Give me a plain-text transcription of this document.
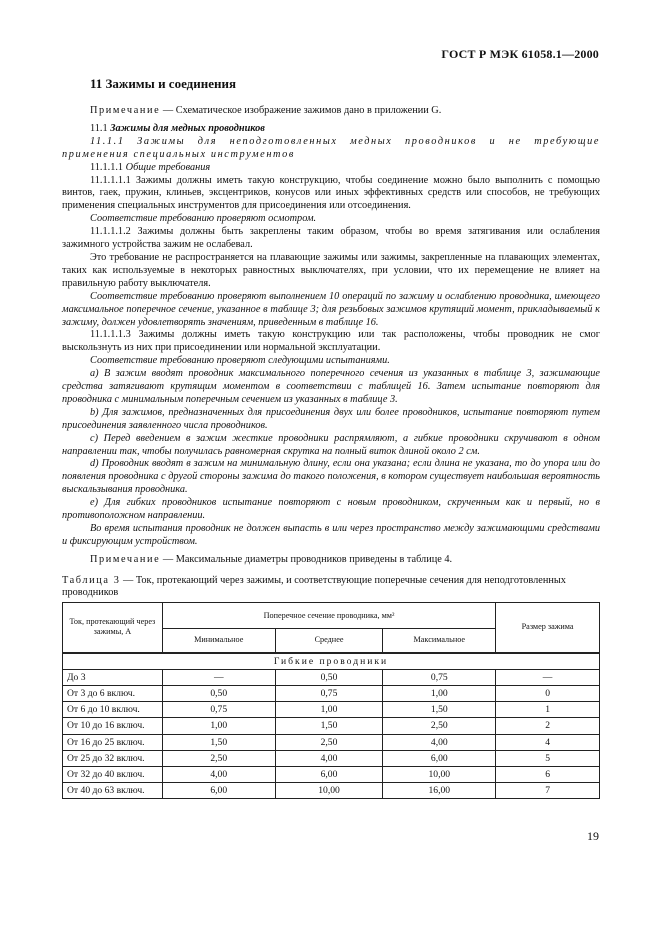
ГОСТ Р МЭК 61058.1—2000
11 Зажимы и соединения

Примечание — Схематическое изображение зажимов дано в приложении G.

11.1 Зажимы для медных проводников

11.1.1 Зажимы для неподготовленных медных проводников и не требующие применения специальных инструментов

11.1.1.1 Общие требования

11.1.1.1.1 Зажимы должны иметь такую конструкцию, чтобы соединение можно было выполнить с помощью винтов, гаек, пружин, клиньев, эксцентриков, конусов или иных эффективных средств или способов, не требующих применения специальных инструментов для присоединения или отсоединения.

Соответствие требованию проверяют осмотром.

11.1.1.1.2 Зажимы должны быть закреплены таким образом, чтобы во время затягивания или ослабления зажимного устройства зажим не ослабевал.

Это требование не распространяется на плавающие зажимы или зажимы, закрепленные на плавающих элементах, таких как используемые в некоторых равностных выключателях, при условии, что их перемещение не влияет на правильную работу выключателя.

Соответствие требованию проверяют выполнением 10 операций по зажиму и ослаблению проводника, имеющего максимальное поперечное сечение, указанное в таблице 3; для резьбовых зажимов крутящий момент, прикладываемый к зажиму, должен удовлетворять значениям, приведенным в таблице 16.

11.1.1.1.3 Зажимы должны иметь такую конструкцию или так расположены, чтобы проводник не смог выскользнуть из них при присоединении или нормальной эксплуатации.

Соответствие требованию проверяют следующими испытаниями.

a) В зажим вводят проводник максимального поперечного сечения из указанных в таблице 3, зажимающие средства затягивают крутящим моментом в соответствии с таблицей 16. Затем испытание повторяют для проводника с минимальным поперечным сечением из указанных в таблице 3.

b) Для зажимов, предназначенных для присоединения двух или более проводников, испытание повторяют путем присоединения заявленного числа проводников.

c) Перед введением в зажим жесткие проводники распрямляют, а гибкие проводники скручивают в одном направлении так, чтобы получилась равномерная скрутка на полный виток длиной около 2 см.

d) Проводник вводят в зажим на минимальную длину, если она указана; если длина не указана, то до упора или до появления проводника с другой стороны зажима до такого положения, в котором существует наибольшая вероятность выскальзывания проводника.

e) Для гибких проводников испытание повторяют с новым проводником, скрученным как и первый, но в противоположном направлении.

Во время испытания проводник не должен выпасть в или через пространство между зажимающими средствами и фиксирующим устройством.

Примечание — Максимальные диаметры проводников приведены в таблице 4.

Таблица 3 — Ток, протекающий через зажимы, и соответствующие поперечные сечения для неподготовленных проводников

Ток, протекающий через зажимы, А	Поперечное сечение проводника, мм²			Размер зажима
	Минимальное	Среднее	Максимальное	
Гибкие проводники				
До 3	—	0,50	0,75	—
От 3 до 6 включ.	0,50	0,75	1,00	0
От 6 до 10 включ.	0,75	1,00	1,50	1
От 10 до 16 включ.	1,00	1,50	2,50	2
От 16 до 25 включ.	1,50	2,50	4,00	4
От 25 до 32 включ.	2,50	4,00	6,00	5
От 32 до 40 включ.	4,00	6,00	10,00	6
От 40 до 63 включ.	6,00	10,00	16,00	7
19
